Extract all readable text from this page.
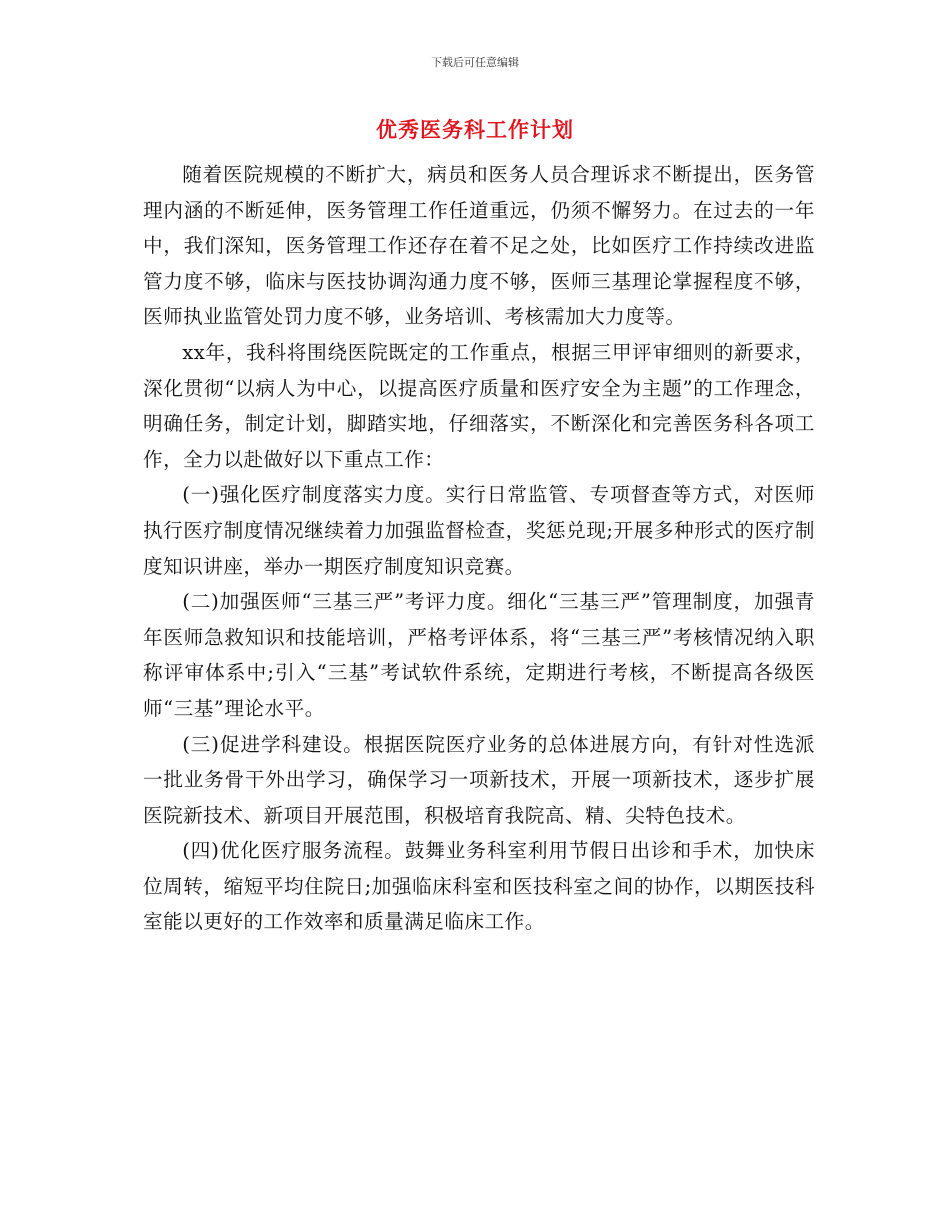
下载后可任意编辑
优秀医务科工作计划

随着医院规模的不断扩大，病员和医务人员合理诉求不断提出，医务管理内涵的不断延伸，医务管理工作任道重远，仍须不懈努力。在过去的一年中，我们深知，医务管理工作还存在着不足之处，比如医疗工作持续改进监管力度不够，临床与医技协调沟通力度不够，医师三基理论掌握程度不够，医师执业监管处罚力度不够，业务培训、考核需加大力度等。

xx年，我科将围绕医院既定的工作重点，根据三甲评审细则的新要求，深化贯彻“以病人为中心，以提高医疗质量和医疗安全为主题”的工作理念，明确任务，制定计划，脚踏实地，仔细落实，不断深化和完善医务科各项工作，全力以赴做好以下重点工作：

(一)强化医疗制度落实力度。实行日常监管、专项督查等方式，对医师执行医疗制度情况继续着力加强监督检查，奖惩兑现;开展多种形式的医疗制度知识讲座，举办一期医疗制度知识竞赛。

(二)加强医师“三基三严”考评力度。细化“三基三严”管理制度，加强青年医师急救知识和技能培训，严格考评体系，将“三基三严”考核情况纳入职称评审体系中;引入“三基”考试软件系统，定期进行考核，不断提高各级医师“三基”理论水平。

(三)促进学科建设。根据医院医疗业务的总体进展方向，有针对性选派一批业务骨干外出学习，确保学习一项新技术，开展一项新技术，逐步扩展医院新技术、新项目开展范围，积极培育我院高、精、尖特色技术。

(四)优化医疗服务流程。鼓舞业务科室利用节假日出诊和手术，加快床位周转，缩短平均住院日;加强临床科室和医技科室之间的协作，以期医技科室能以更好的工作效率和质量满足临床工作。
